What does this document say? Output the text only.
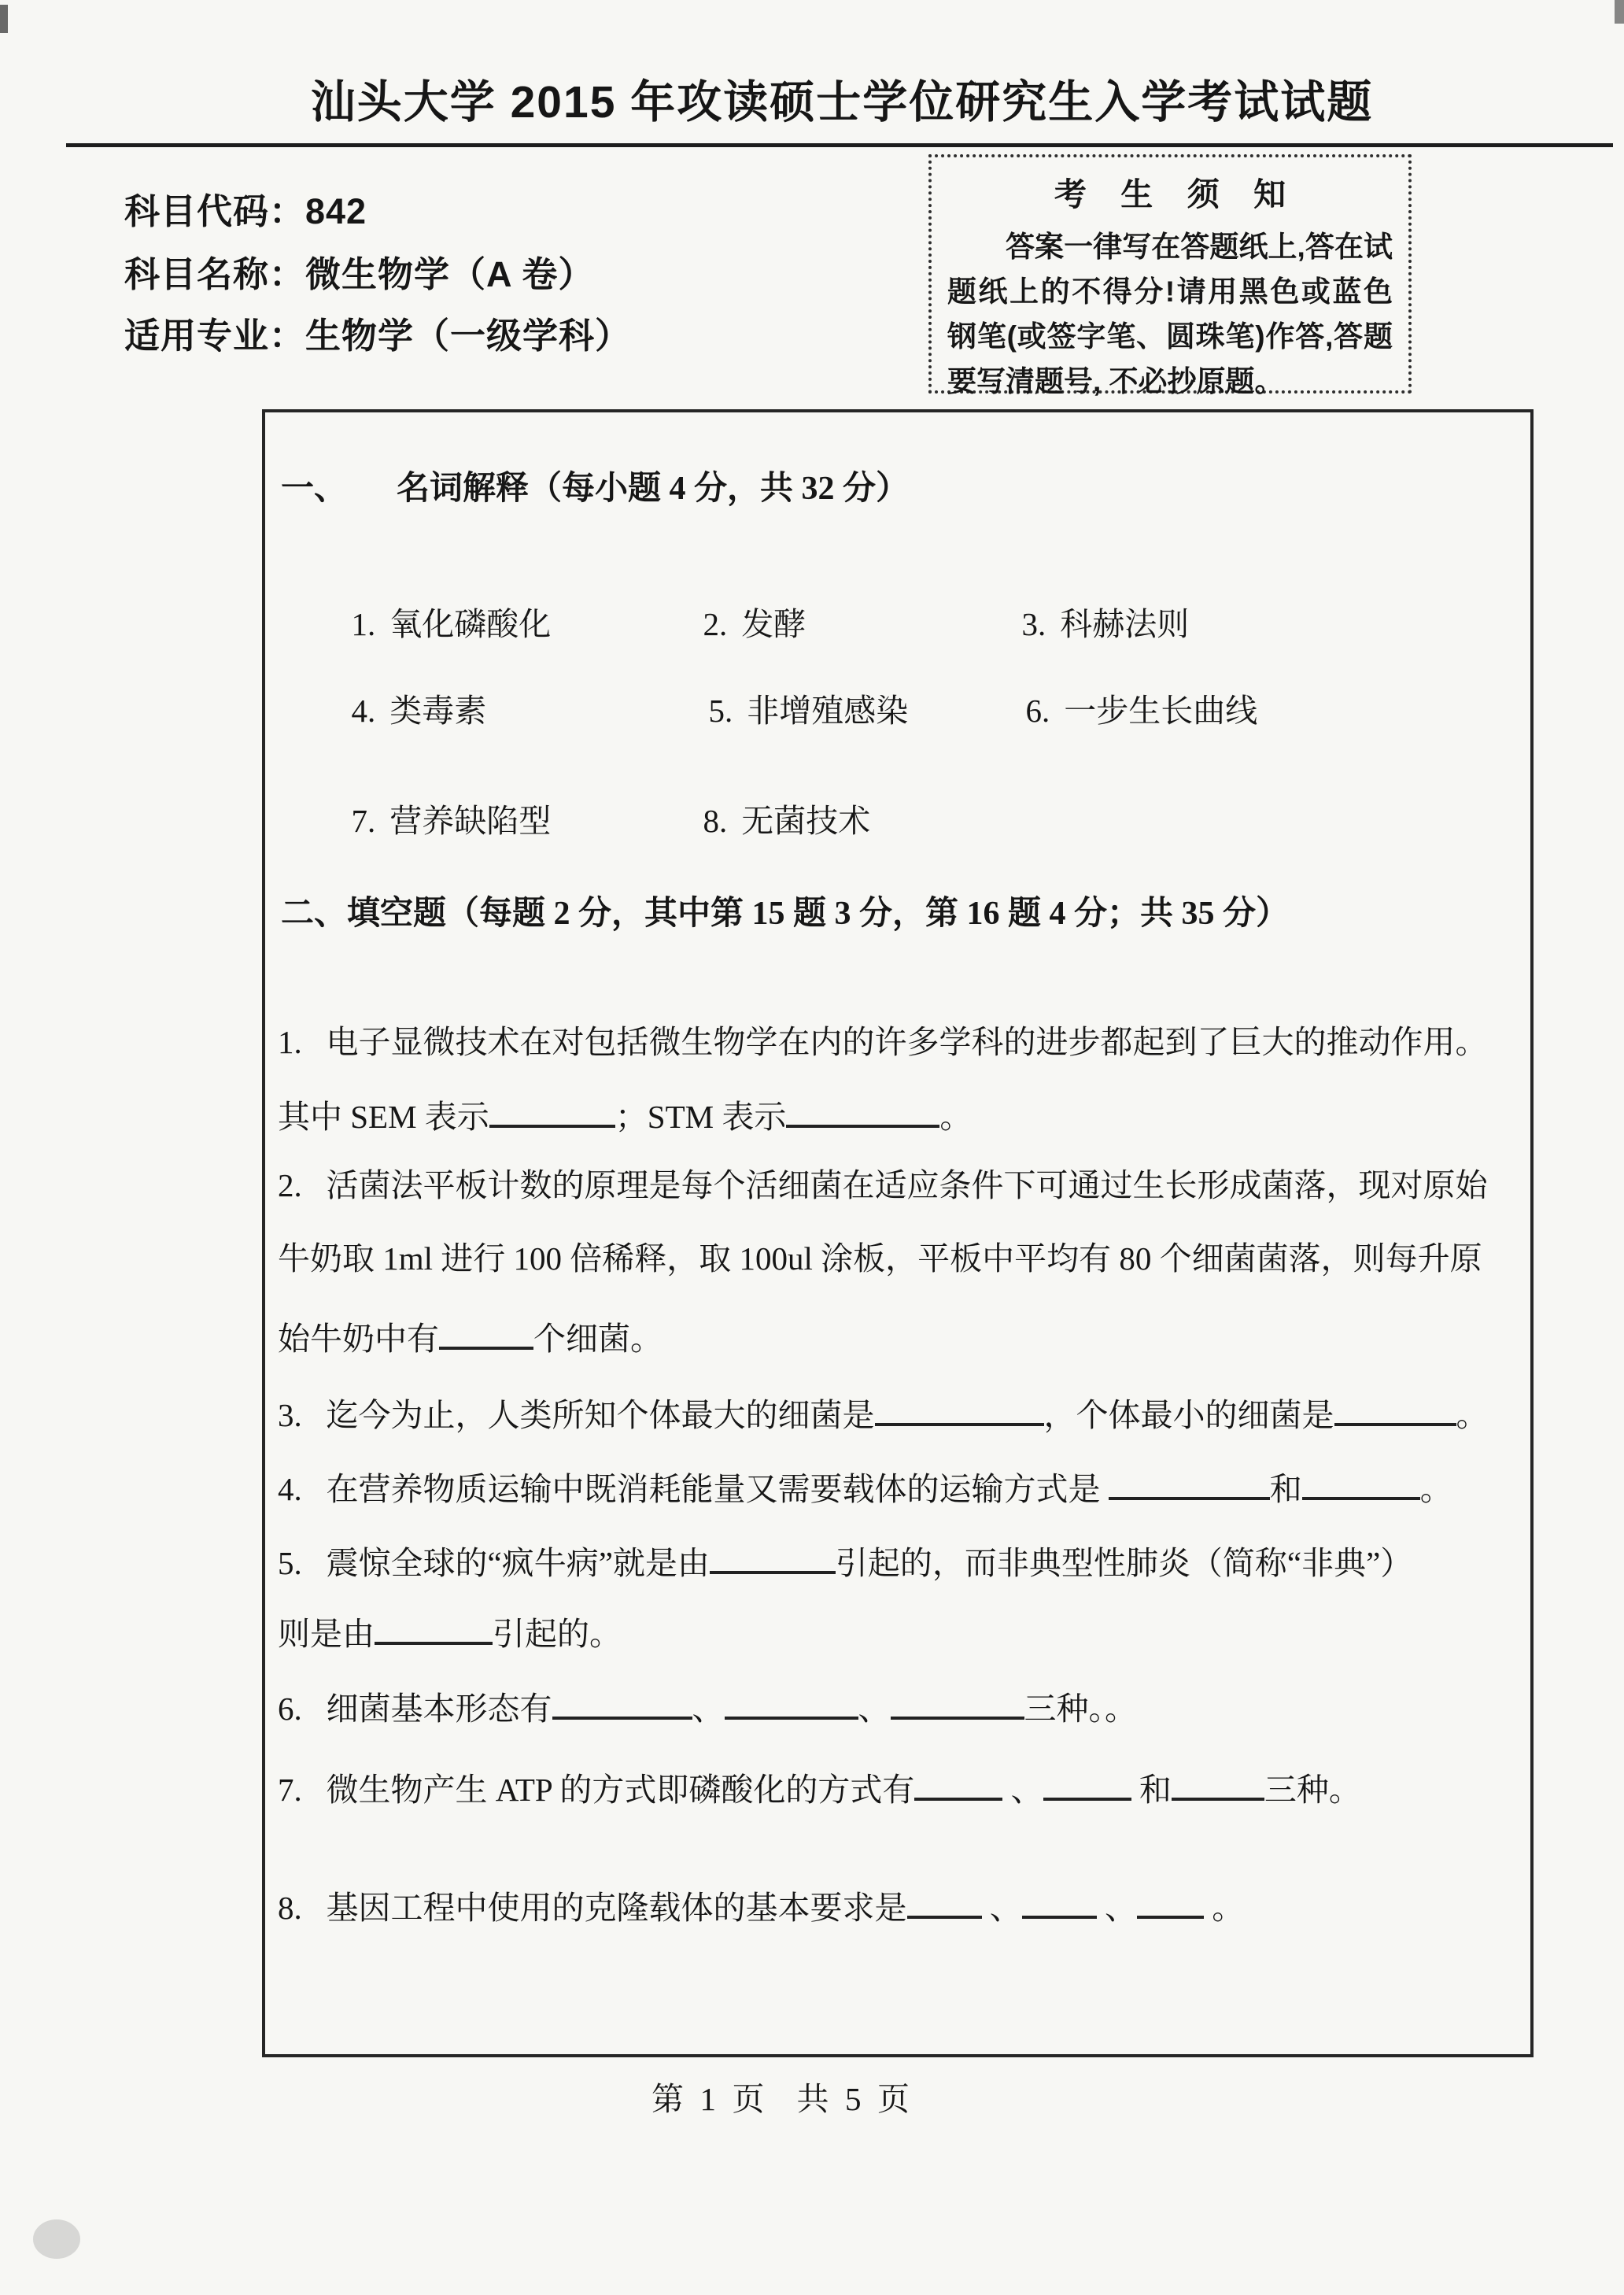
汕头大学 2015 年攻读硕士学位研究生入学考试试题
科目代码：842
科目名称：微生物学（A 卷）
适用专业：生物学（一级学科）
考 生 须 知
答案一律写在答题纸上,答在试题纸上的不得分!请用黑色或蓝色钢笔(或签字笔、圆珠笔)作答,答题要写清题号, 不必抄原题。
一、　　名词解释（每小题 4 分，共 32 分）

1. 氧化磷酸化
	2. 发酵
	3. 科赫法则

4. 类毒素
	5. 非增殖感染
	6. 一步生长曲线

7. 营养缺陷型
	8. 无菌技术

二、填空题（每题 2 分，其中第 15 题 3 分，第 16 题 4 分；共 35 分）
1.   电子显微技术在对包括微生物学在内的许多学科的进步都起到了巨大的推动作用。
其中 SEM 表示	；STM 表示	。
2.   活菌法平板计数的原理是每个活细菌在适应条件下可通过生长形成菌落，现对原始
牛奶取 1ml 进行 100 倍稀释，取 100ul 涂板，平板中平均有 80 个细菌菌落，则每升原
始牛奶中有	个细菌。
3.   迄今为止，人类所知个体最大的细菌是	，个体最小的细菌是	。
4.   在营养物质运输中既消耗能量又需要载体的运输方式是	和	。
5.   震惊全球的“疯牛病”就是由	引起的，而非典型性肺炎（简称“非典”）
则是由	引起的。
6.   细菌基本形态有	、	、	三种。。
7.   微生物产生 ATP 的方式即磷酸化的方式有	、	和	三种。
8.   基因工程中使用的克隆载体的基本要求是 、 、 。
第  1  页    共  5  页
